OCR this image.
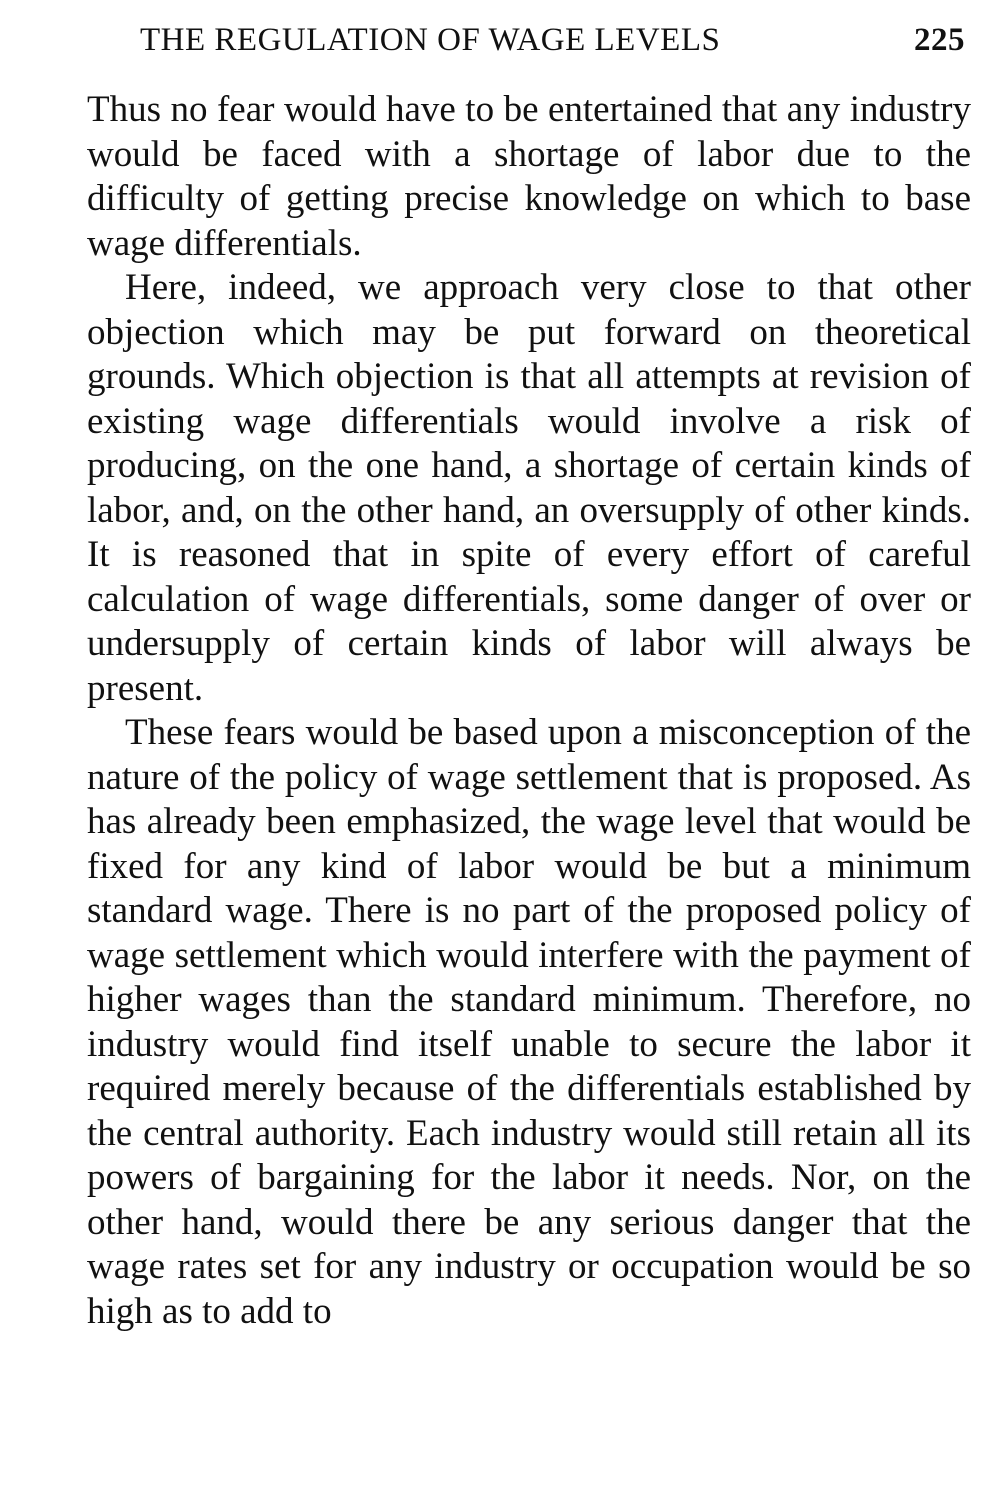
THE REGULATION OF WAGE LEVELS	225

Thus no fear would have to be entertained that any industry would be faced with a shortage of labor due to the difficulty of getting precise knowledge on which to base wage differentials.

Here, indeed, we approach very close to that other objection which may be put forward on theoretical grounds. Which objection is that all attempts at revision of existing wage differentials would involve a risk of producing, on the one hand, a shortage of certain kinds of labor, and, on the other hand, an oversupply of other kinds. It is reasoned that in spite of every effort of careful calculation of wage differentials, some danger of over or undersupply of certain kinds of labor will always be present.

These fears would be based upon a misconception of the nature of the policy of wage settlement that is proposed. As has already been emphasized, the wage level that would be fixed for any kind of labor would be but a minimum standard wage. There is no part of the proposed policy of wage settlement which would interfere with the payment of higher wages than the standard minimum. Therefore, no industry would find itself unable to secure the labor it required merely because of the differentials established by the central authority. Each industry would still retain all its powers of bargaining for the labor it needs. Nor, on the other hand, would there be any serious danger that the wage rates set for any industry or occupation would be so high as to add to
